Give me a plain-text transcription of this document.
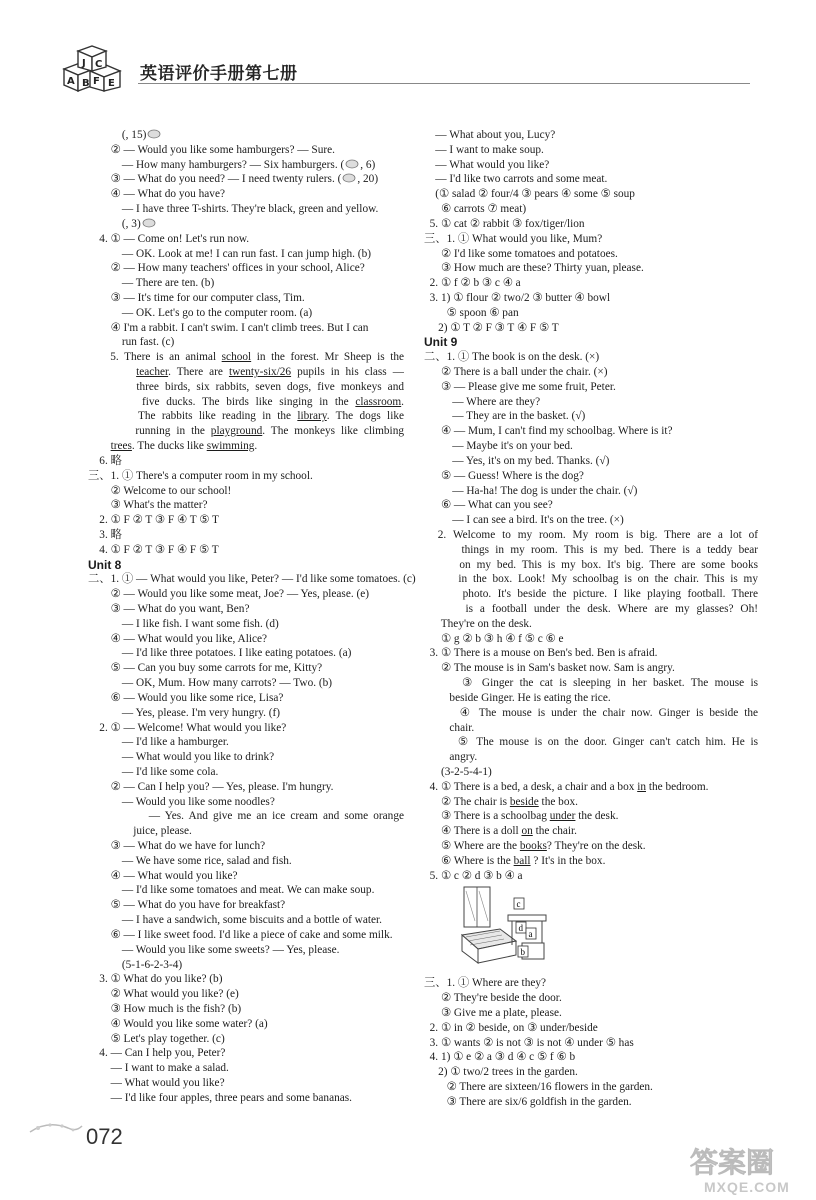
J C
A B F E 英语评价手册第七册
(, 15)
② — Would you like some hamburgers? — Sure.
— How many hamburgers? — Six hamburgers. ( , 6)
③ — What do you need? — I need twenty rulers. ( , 20)
④ — What do you have?
— I have three T-shirts. They're black, green and yellow.
(, 3)
4. ① — Come on! Let's run now.
— OK. Look at me! I can run fast. I can jump high. (b)
② — How many teachers' offices in your school, Alice?
— There are ten. (b)
③ — It's time for our computer class, Tim.
— OK. Let's go to the computer room. (a)
④ I'm a rabbit. I can't swim. I can't climb trees. But I can
run fast. (c)
5. There is an animal school in the forest. Mr Sheep is the
teacher. There are twenty-six/26 pupils in his class —
three birds, six rabbits, seven dogs, five monkeys and
five ducks. The birds like singing in the classroom.
The rabbits like reading in the library. The dogs like
running in the playground. The monkeys like climbing
trees. The ducks like swimming.
6. 略
三、1. ① There's a computer room in my school.
② Welcome to our school!
③ What's the matter?
2. ① F ② T ③ F ④ T ⑤ T
3. 略
4. ① F ② T ③ F ④ F ⑤ T
Unit 8
二、1. ① — What would you like, Peter? — I'd like some tomatoes. (c)
② — Would you like some meat, Joe? — Yes, please. (e)
③ — What do you want, Ben?
— I like fish. I want some fish. (d)
④ — What would you like, Alice?
— I'd like three potatoes. I like eating potatoes. (a)
⑤ — Can you buy some carrots for me, Kitty?
— OK, Mum. How many carrots? — Two. (b)
⑥ — Would you like some rice, Lisa?
— Yes, please. I'm very hungry. (f)
2. ① — Welcome! What would you like?
— I'd like a hamburger.
— What would you like to drink?
— I'd like some cola.
② — Can I help you? — Yes, please. I'm hungry.
— Would you like some noodles?
— Yes. And give me an ice cream and some orange
juice, please.
③ — What do we have for lunch?
— We have some rice, salad and fish.
④ — What would you like?
— I'd like some tomatoes and meat. We can make soup.
⑤ — What do you have for breakfast?
— I have a sandwich, some biscuits and a bottle of water.
⑥ — I like sweet food. I'd like a piece of cake and some milk.
— Would you like some sweets? — Yes, please.
(5-1-6-2-3-4)
3. ① What do you like? (b)
② What would you like? (e)
③ How much is the fish? (b)
④ Would you like some water? (a)
⑤ Let's play together. (c)
4. — Can I help you, Peter?
— I want to make a salad.
— What would you like?
— I'd like four apples, three pears and some bananas.
— What about you, Lucy?
— I want to make soup.
— What would you like?
— I'd like two carrots and some meat.
(① salad ② four/4 ③ pears ④ some ⑤ soup
⑥ carrots ⑦ meat)
5. ① cat ② rabbit ③ fox/tiger/lion
三、1. ① What would you like, Mum?
② I'd like some tomatoes and potatoes.
③ How much are these? Thirty yuan, please.
2. ① f ② b ③ c ④ a
3. 1) ① flour ② two/2 ③ butter ④ bowl
⑤ spoon ⑥ pan
2) ① T ② F ③ T ④ F ⑤ T
Unit 9
二、1. ① The book is on the desk. (×)
② There is a ball under the chair. (×)
③ — Please give me some fruit, Peter.
— Where are they?
— They are in the basket. (√)
④ — Mum, I can't find my schoolbag. Where is it?
— Maybe it's on your bed.
— Yes, it's on my bed. Thanks. (√)
⑤ — Guess! Where is the dog?
— Ha-ha! The dog is under the chair. (√)
⑥ — What can you see?
— I can see a bird. It's on the tree. (×)
2. Welcome to my room. My room is big. There are a lot of
things in my room. This is my bed. There is a teddy bear
on my bed. This is my box. It's big. There are some books
in the box. Look! My schoolbag is on the chair. This is my
photo. It's beside the picture. I like playing football. There
is a football under the desk. Where are my glasses? Oh!
They're on the desk.
① g ② b ③ h ④ f ⑤ c ⑥ e
3. ① There is a mouse on Ben's bed. Ben is afraid.
② The mouse is in Sam's basket now. Sam is angry.
③ Ginger the cat is sleeping in her basket. The mouse is
beside Ginger. He is eating the rice.
④ The mouse is under the chair now. Ginger is beside the
chair.
⑤ The mouse is on the door. Ginger can't catch him. He is
angry.
(3-2-5-4-1)
4. ① There is a bed, a desk, a chair and a box in the bedroom.
② The chair is beside the box.
③ There is a schoolbag under the desk.
④ There is a doll on the chair.
⑤ Where are the books? They're on the desk.
⑥ Where is the ball ? It's in the box.
5. ① c ② d ③ b ④ a
c
d
a
b
三、1. ① Where are they?
② They're beside the door.
③ Give me a plate, please.
2. ① in ② beside, on ③ under/beside
3. ① wants ② is not ③ is not ④ under ⑤ has
4. 1) ① e ② a ③ d ④ c ⑤ f ⑥ b
2) ① two/2 trees in the garden.
② There are sixteen/16 flowers in the garden.
③ There are six/6 goldfish in the garden.
072
答案圈
MXQE.COM
